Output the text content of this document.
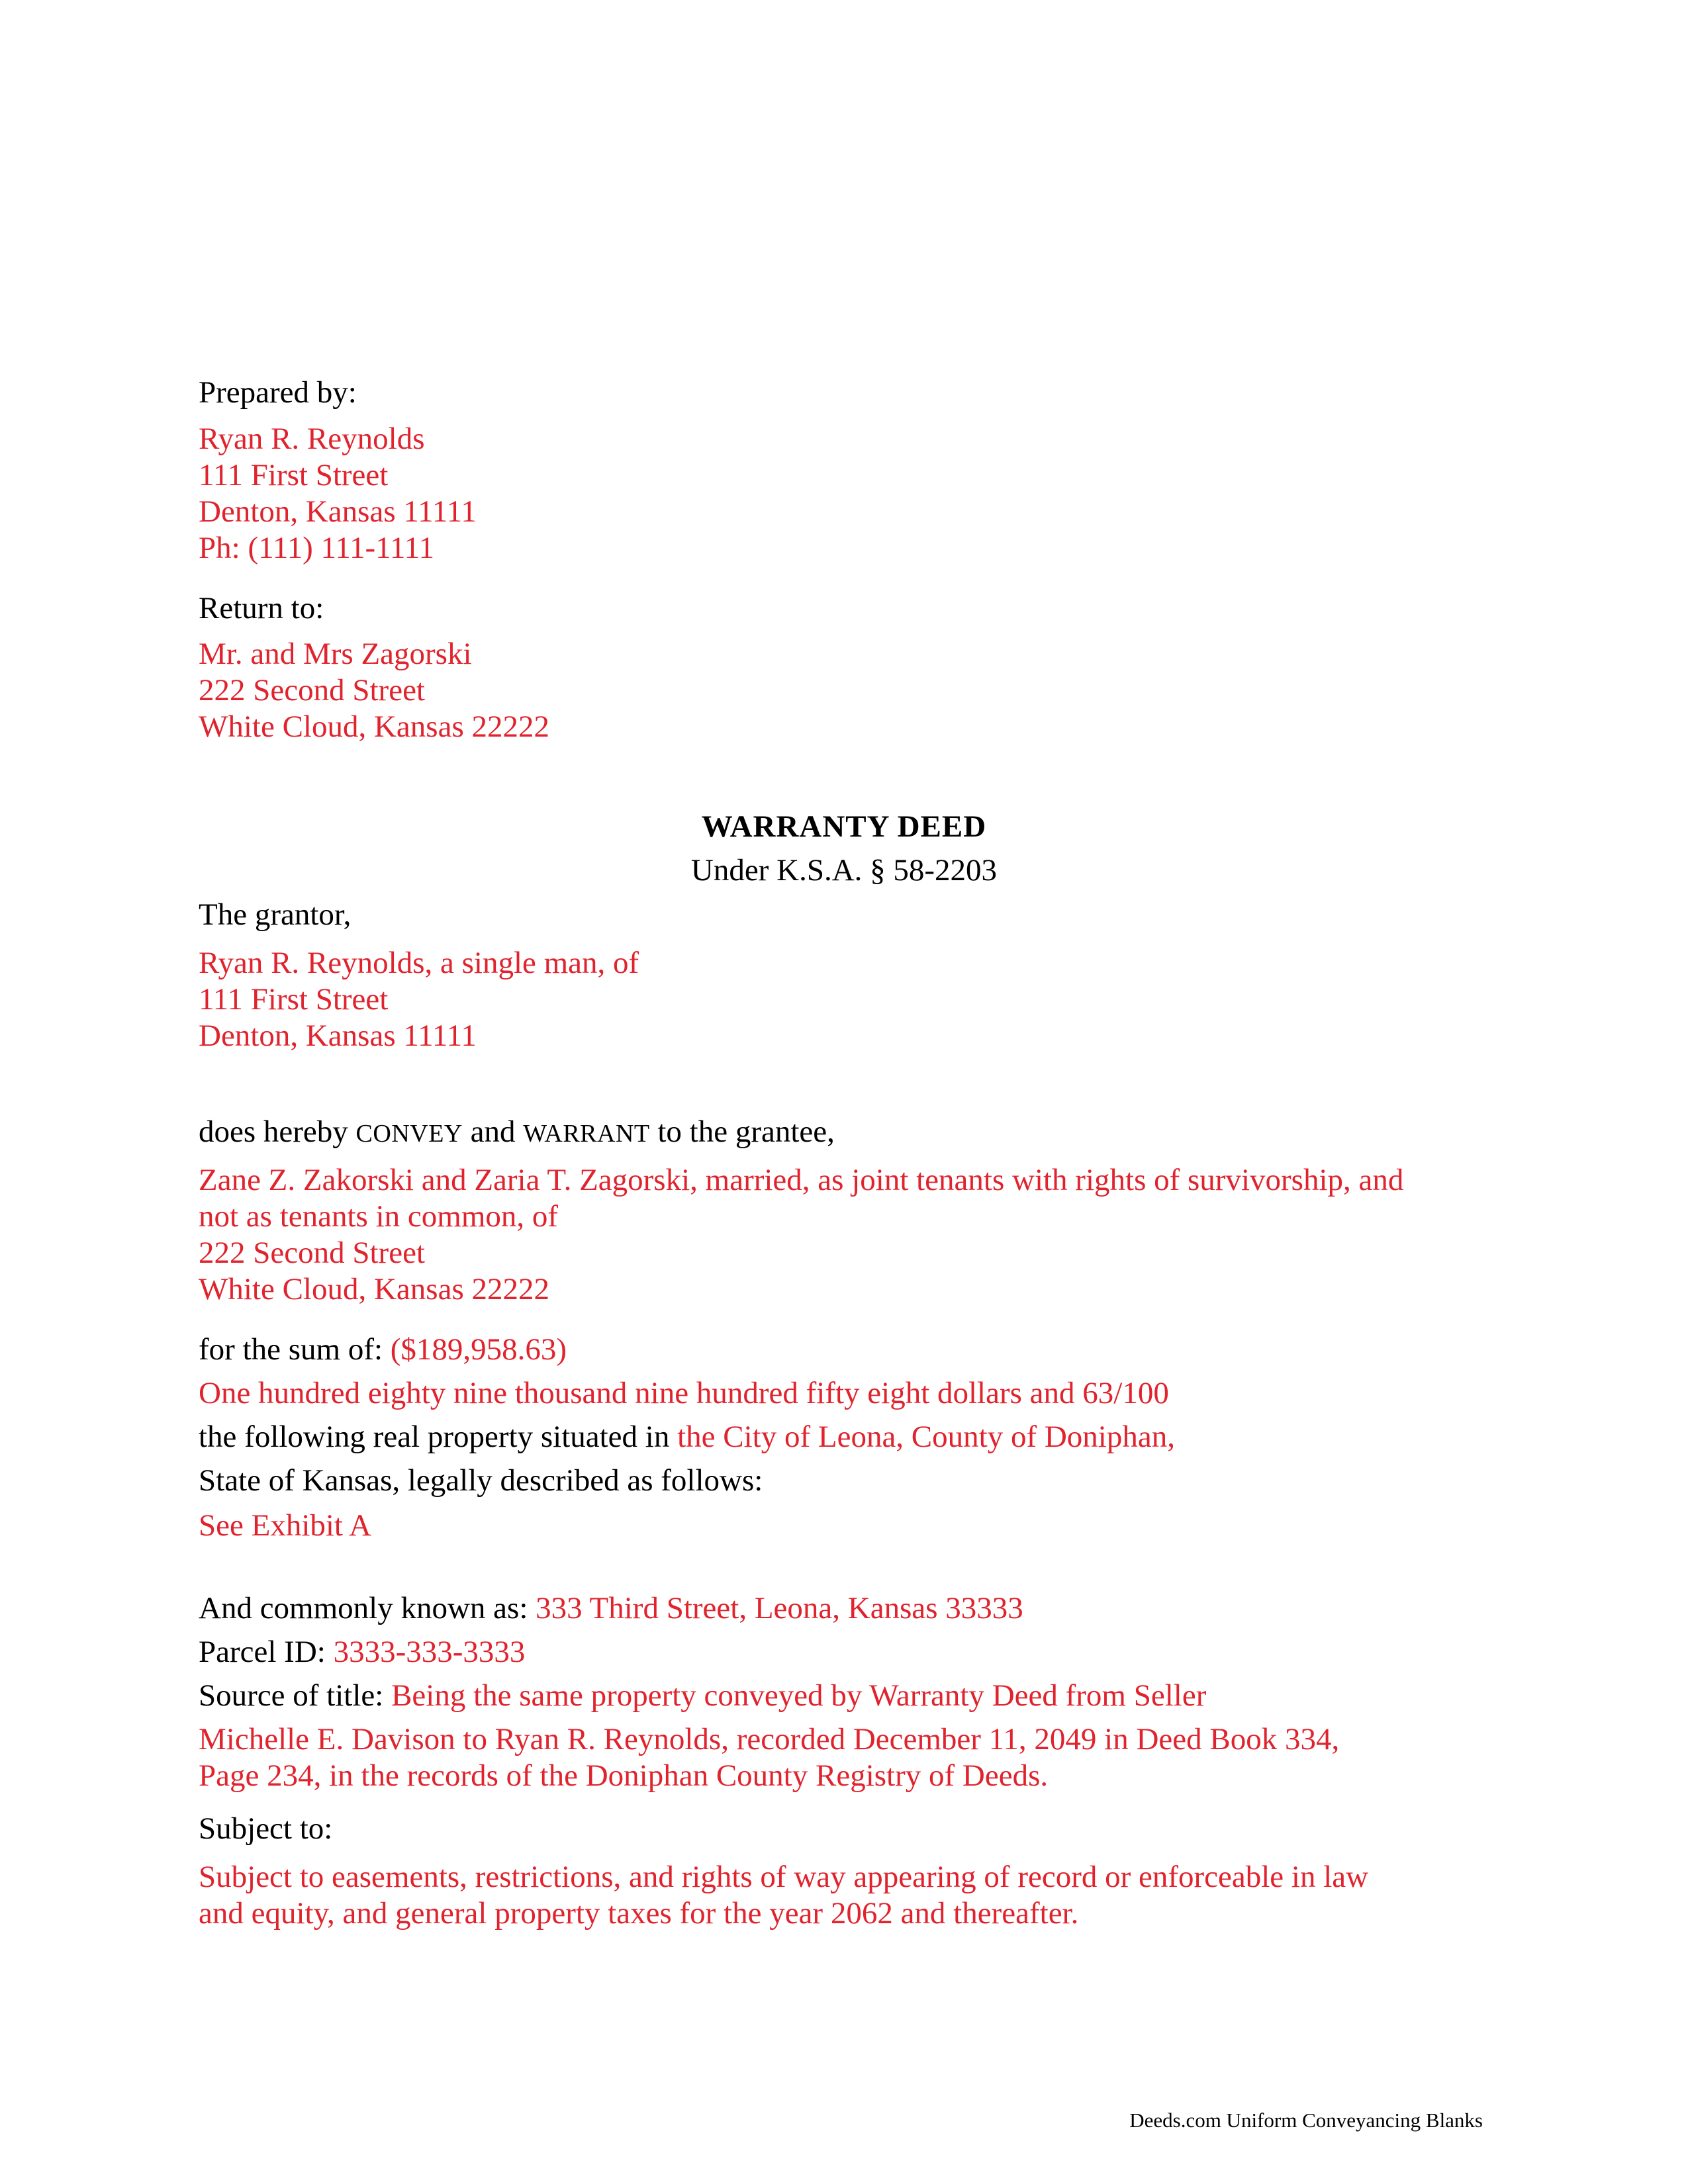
Prepared by:
Ryan R. Reynolds
111 First Street
Denton, Kansas 11111
Ph: (111) 111-1111
Return to:
Mr. and Mrs Zagorski
222 Second Street
White Cloud, Kansas 22222
WARRANTY DEED
Under K.S.A. § 58-2203
The grantor,
Ryan R. Reynolds, a single man, of
111 First Street
Denton, Kansas 11111
does hereby CONVEY and WARRANT to the grantee,
Zane Z. Zakorski and Zaria T. Zagorski, married, as joint tenants with rights of survivorship, and
not as tenants in common, of
222 Second Street
White Cloud, Kansas 22222
for the sum of: ($189,958.63)
One hundred eighty nine thousand nine hundred fifty eight dollars and 63/100
the following real property situated in the City of Leona, County of Doniphan,
State of Kansas, legally described as follows:
See Exhibit A
And commonly known as: 333 Third Street, Leona, Kansas 33333
Parcel ID: 3333-333-3333
Source of title: Being the same property conveyed by Warranty Deed from Seller
Michelle E. Davison to Ryan R. Reynolds, recorded December 11, 2049 in Deed Book 334,
Page 234, in the records of the Doniphan County Registry of Deeds.
Subject to:
Subject to easements, restrictions, and rights of way appearing of record or enforceable in law
and equity, and general property taxes for the year 2062 and thereafter.
Deeds.com Uniform Conveyancing Blanks
